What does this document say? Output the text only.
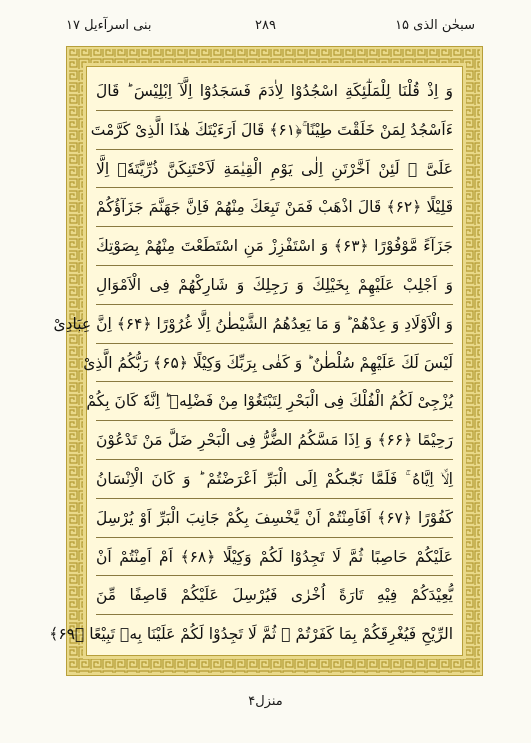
سبحٰن الذی ۱۵
۲۸۹
بنی اسرآءیل ۱۷
وَ اِذْ قُلْنَا لِلْمَلٰٓئِكَةِ اسْجُدُوْا لِاٰدَمَ فَسَجَدُوْٓا اِلَّآ اِبْلِیْسَ ؕ قَالَ
ءَاَسْجُدُ لِمَنْ خَلَقْتَ طِیْنًا ۚ﴿۶۱﴾ قَالَ اَرَءَیْتَكَ هٰذَا الَّذِیْ كَرَّمْتَ
عَلَیَّ ؗ لَئِنْ اَخَّرْتَنِ اِلٰی یَوْمِ الْقِیٰمَةِ لَاَحْتَنِكَنَّ ذُرِّیَّتَهٗۤ اِلَّا
قَلِیْلًا ﴿۶۲﴾ قَالَ اذْهَبْ فَمَنْ تَبِعَكَ مِنْهُمْ فَاِنَّ جَهَنَّمَ جَزَآؤُكُمْ
جَزَآءً مَّوْفُوْرًا ﴿۶۳﴾ وَ اسْتَفْزِزْ مَنِ اسْتَطَعْتَ مِنْهُمْ بِصَوْتِكَ
وَ اَجْلِبْ عَلَیْهِمْ بِخَیْلِكَ وَ رَجِلِكَ وَ شَارِكْهُمْ فِی الْاَمْوَالِ
وَ الْاَوْلَادِ وَ عِدْهُمْ ؕ وَ مَا یَعِدُهُمُ الشَّیْطٰنُ اِلَّا غُرُوْرًا ﴿۶۴﴾ اِنَّ عِبَادِیْ
لَیْسَ لَكَ عَلَیْهِمْ سُلْطٰنٌ ؕ وَ كَفٰی بِرَبِّكَ وَكِیْلًا ﴿۶۵﴾ رَبُّكُمُ الَّذِیْ
یُزْجِیْ لَكُمُ الْفُلْكَ فِی الْبَحْرِ لِتَبْتَغُوْا مِنْ فَضْلِهٖ ؕ اِنَّهٗ كَانَ بِكُمْ
رَحِیْمًا ﴿۶۶﴾ وَ اِذَا مَسَّكُمُ الضُّرُّ فِی الْبَحْرِ ضَلَّ مَنْ تَدْعُوْنَ
اِلَّاۤ اِیَّاهُ ۚ فَلَمَّا نَجّٰىكُمْ اِلَی الْبَرِّ اَعْرَضْتُمْ ؕ وَ كَانَ الْاِنْسَانُ
كَفُوْرًا ﴿۶۷﴾ اَفَاَمِنْتُمْ اَنْ یَّخْسِفَ بِكُمْ جَانِبَ الْبَرِّ اَوْ یُرْسِلَ
عَلَیْكُمْ حَاصِبًا ثُمَّ لَا تَجِدُوْا لَكُمْ وَكِیْلًا ﴿۶۸﴾ اَمْ اَمِنْتُمْ اَنْ
یُّعِیْدَكُمْ فِیْهِ تَارَةً اُخْرٰی فَیُرْسِلَ عَلَیْكُمْ قَاصِفًا مِّنَ
الرِّیْحِ فَیُغْرِقَكُمْ بِمَا كَفَرْتُمْ ۙ ثُمَّ لَا تَجِدُوْا لَكُمْ عَلَیْنَا بِهٖ تَبِیْعًا ﴿۶۹﴾
منزل۴
